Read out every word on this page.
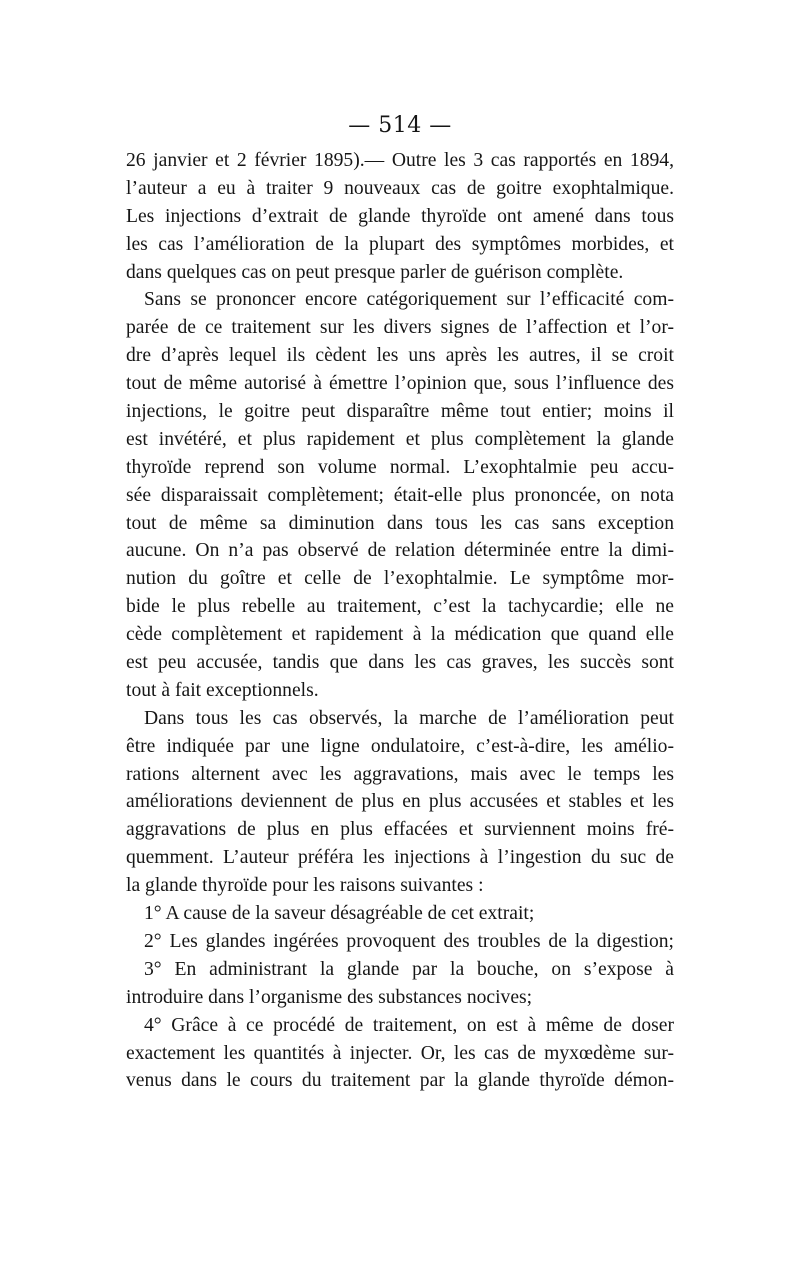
— 514 —
26 janvier et 2 février 1895).— Outre les 3 cas rapportés en 1894,
l’auteur a eu à traiter 9 nouveaux cas de goitre exophtalmique.
Les injections d’extrait de glande thyroïde ont amené dans tous
les cas l’amélioration de la plupart des symptômes morbides, et
dans quelques cas on peut presque parler de guérison complète.
Sans se prononcer encore catégoriquement sur l’efficacité com-
parée de ce traitement sur les divers signes de l’affection et l’or-
dre d’après lequel ils cèdent les uns après les autres, il se croit
tout de même autorisé à émettre l’opinion que, sous l’influence des
injections, le goitre peut disparaître même tout entier; moins il
est invétéré, et plus rapidement et plus complètement la glande
thyroïde reprend son volume normal. L’exophtalmie peu accu-
sée disparaissait complètement; était-elle plus prononcée, on nota
tout de même sa diminution dans tous les cas sans exception
aucune. On n’a pas observé de relation déterminée entre la dimi-
nution du goître et celle de l’exophtalmie. Le symptôme mor-
bide le plus rebelle au traitement, c’est la tachycardie; elle ne
cède complètement et rapidement à la médication que quand elle
est peu accusée, tandis que dans les cas graves, les succès sont
tout à fait exceptionnels.
Dans tous les cas observés, la marche de l’amélioration peut
être indiquée par une ligne ondulatoire, c’est-à-dire, les amélio-
rations alternent avec les aggravations, mais avec le temps les
améliorations deviennent de plus en plus accusées et stables et les
aggravations de plus en plus effacées et surviennent moins fré-
quemment. L’auteur préféra les injections à l’ingestion du suc de
la glande thyroïde pour les raisons suivantes :
1° A cause de la saveur désagréable de cet extrait;
2° Les glandes ingérées provoquent des troubles de la digestion;
3° En administrant la glande par la bouche, on s’expose à
introduire dans l’organisme des substances nocives;
4° Grâce à ce procédé de traitement, on est à même de doser
exactement les quantités à injecter. Or, les cas de myxœdème sur-
venus dans le cours du traitement par la glande thyroïde démon-
